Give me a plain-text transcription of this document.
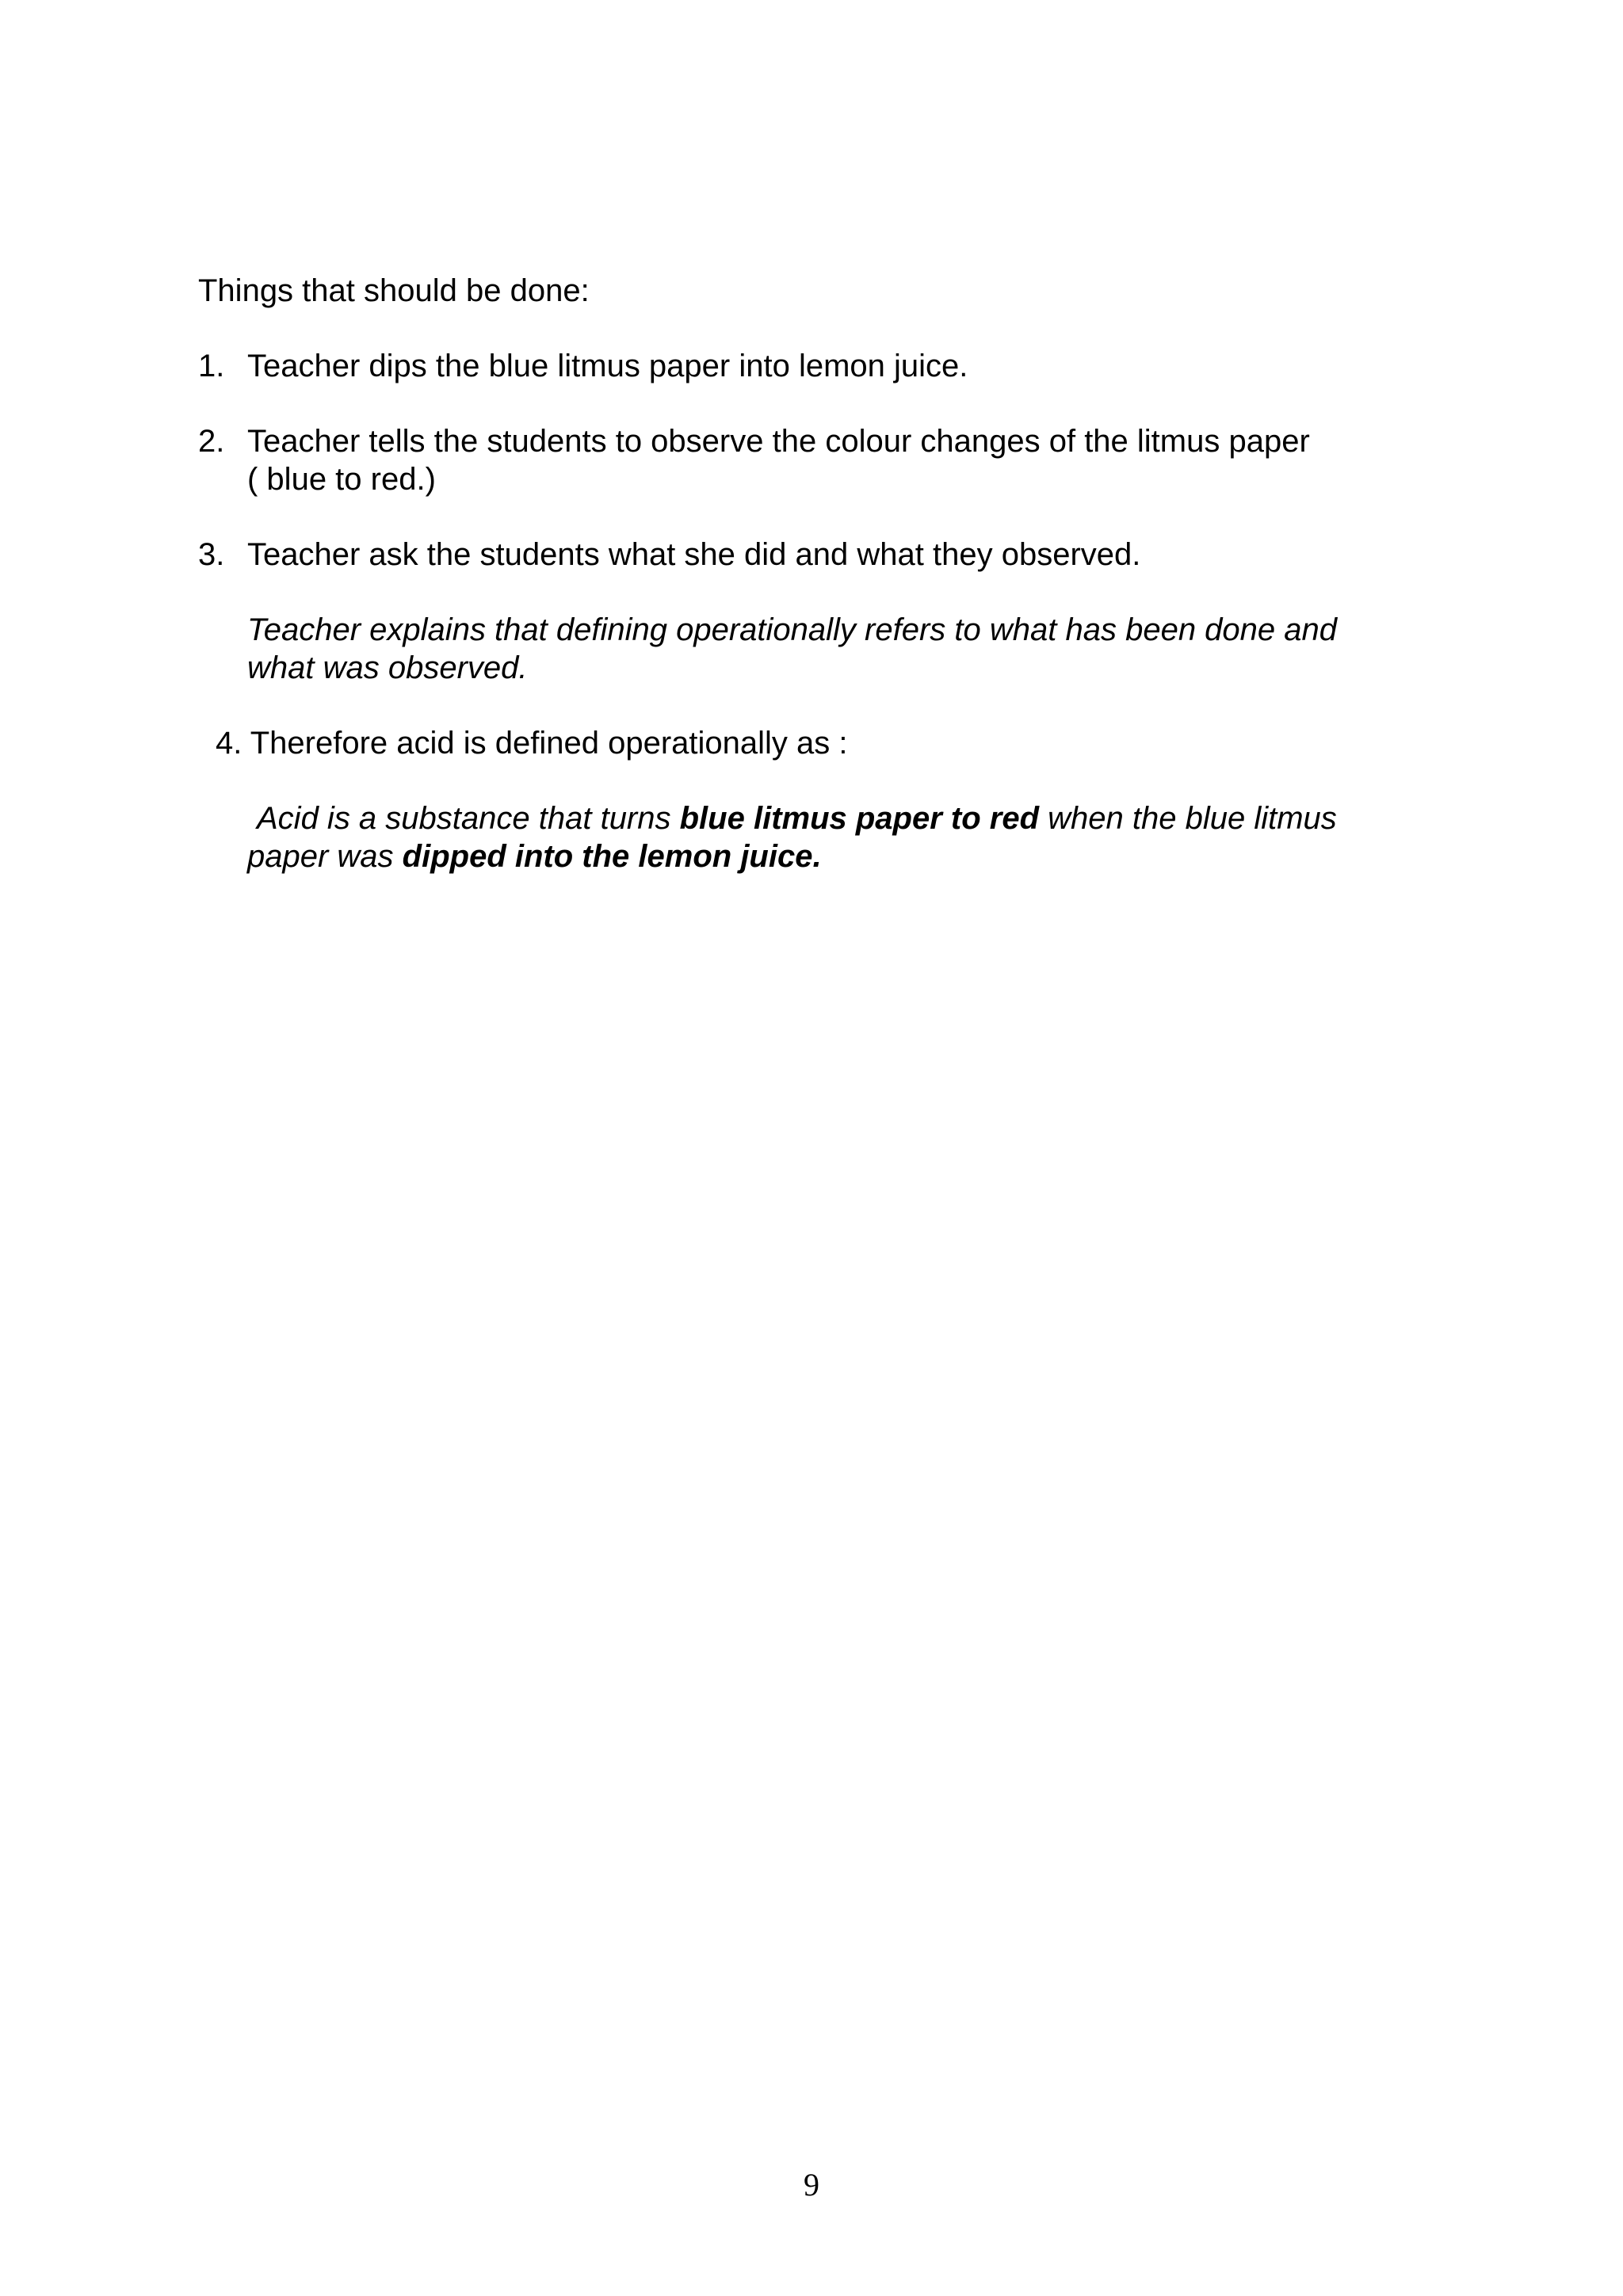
Things that should be done:
1. Teacher dips the blue litmus paper into lemon juice.
2. Teacher tells the students to observe the colour changes of the litmus paper
( blue to red.)
3. Teacher ask the students what she did and what they observed.
Teacher explains that defining operationally refers to what has been done and
what was observed.
4. Therefore acid is defined operationally as :
Acid is a substance that turns blue litmus paper to red when the blue litmus
paper was dipped into the lemon juice.
9
